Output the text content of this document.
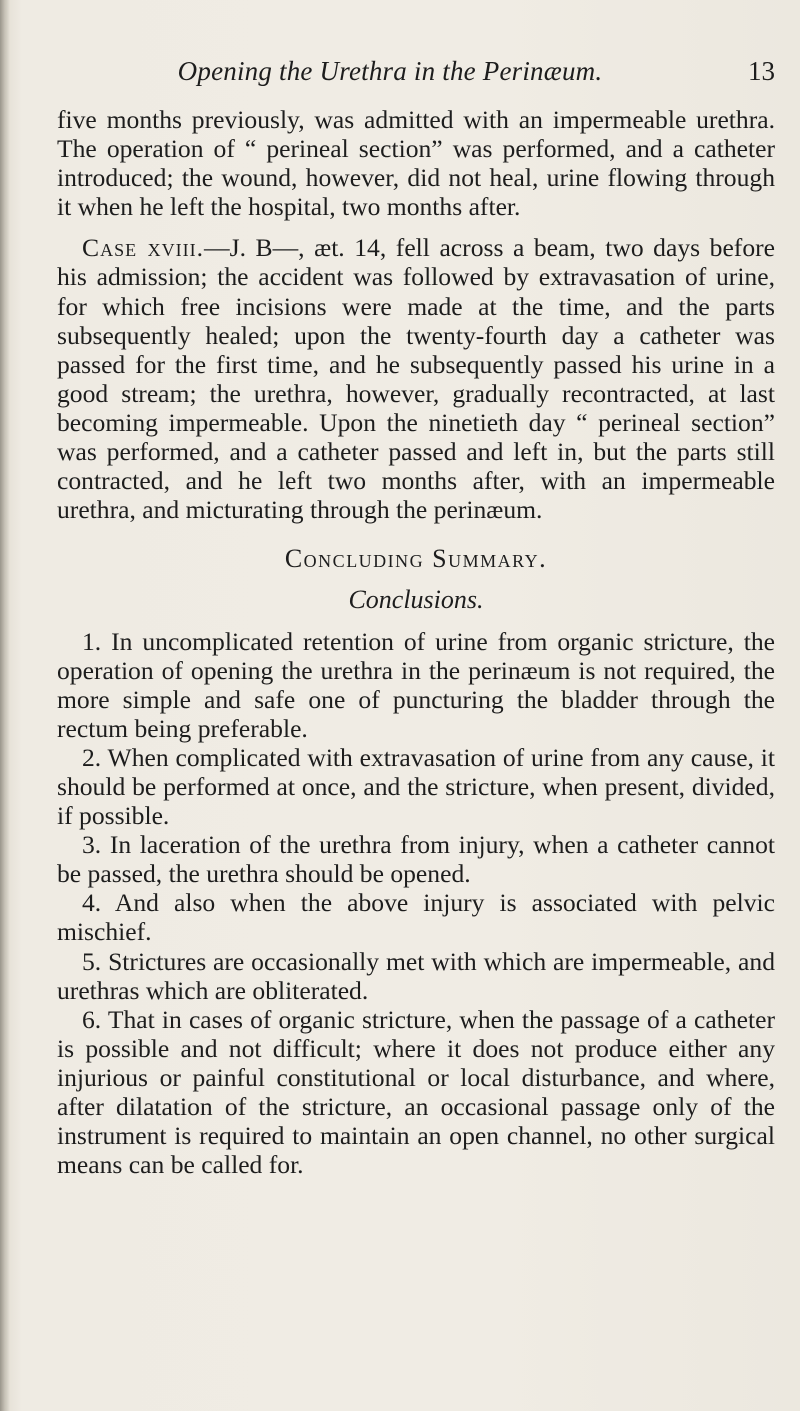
Opening the Urethra in the Perinæum.	13

five months previously, was admitted with an impermeable urethra. The operation of “ perineal section” was performed, and a catheter introduced; the wound, however, did not heal, urine flowing through it when he left the hospital, two months after.

Case xviii.—J. B—, æt. 14, fell across a beam, two days before his admission; the accident was followed by extravasation of urine, for which free incisions were made at the time, and the parts subsequently healed; upon the twenty-fourth day a catheter was passed for the first time, and he subsequently passed his urine in a good stream; the urethra, however, gradually recontracted, at last becoming impermeable. Upon the ninetieth day “ perineal section” was performed, and a catheter passed and left in, but the parts still contracted, and he left two months after, with an impermeable urethra, and micturating through the perinæum.

Concluding Summary.

Conclusions.

1. In uncomplicated retention of urine from organic stricture, the operation of opening the urethra in the perinæum is not required, the more simple and safe one of puncturing the bladder through the rectum being preferable.

2. When complicated with extravasation of urine from any cause, it should be performed at once, and the stricture, when present, divided, if possible.

3. In laceration of the urethra from injury, when a catheter cannot be passed, the urethra should be opened.

4. And also when the above injury is associated with pelvic mischief.

5. Strictures are occasionally met with which are impermeable, and urethras which are obliterated.

6. That in cases of organic stricture, when the passage of a catheter is possible and not difficult; where it does not produce either any injurious or painful constitutional or local disturbance, and where, after dilatation of the stricture, an occasional passage only of the instrument is required to maintain an open channel, no other surgical means can be called for.
